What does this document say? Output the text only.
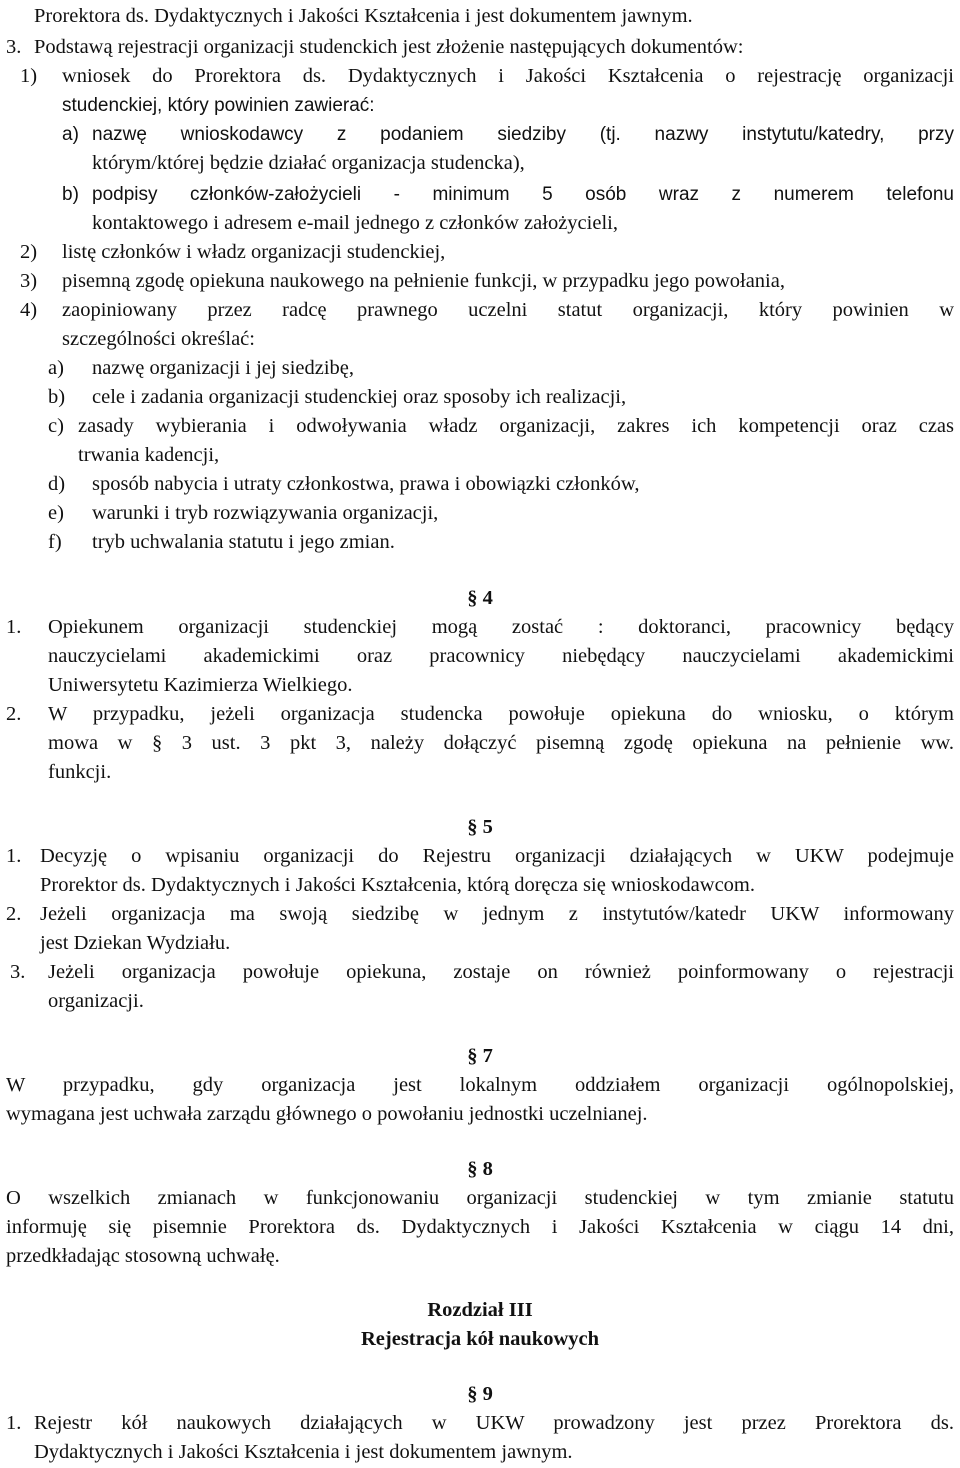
Prorektora ds. Dydaktycznych i Jakości Kształcenia i jest dokumentem jawnym.
3. Podstawą rejestracji organizacji studenckich jest złożenie następujących dokumentów:
1) wniosek do Prorektora ds. Dydaktycznych i Jakości Kształcenia o rejestrację organizacji
studenckiej, który powinien zawierać:
a) nazwę wnioskodawcy z podaniem siedziby (tj. nazwy instytutu/katedry, przy
którym/której będzie działać organizacja studencka),
b) podpisy członków-założycieli - minimum 5 osób wraz z numerem telefonu
kontaktowego i adresem e-mail jednego z członków założycieli,
2) listę członków i władz organizacji studenckiej,
3) pisemną zgodę opiekuna naukowego na pełnienie funkcji, w przypadku jego powołania,
4) zaopiniowany przez radcę prawnego uczelni statut organizacji, który powinien w
szczególności określać:
a) nazwę organizacji i jej siedzibę,
b) cele i zadania organizacji studenckiej oraz sposoby ich realizacji,
c) zasady wybierania i odwoływania władz organizacji, zakres ich kompetencji oraz czas
trwania kadencji,
d) sposób nabycia i utraty członkostwa, prawa i obowiązki członków,
e) warunki i tryb rozwiązywania organizacji,
f) tryb uchwalania statutu i jego zmian.
§ 4
1. Opiekunem organizacji studenckiej mogą zostać : doktoranci, pracownicy będący
nauczycielami akademickimi oraz pracownicy niebędący nauczycielami akademickimi
Uniwersytetu Kazimierza Wielkiego.
2. W przypadku, jeżeli organizacja studencka powołuje opiekuna do wniosku, o którym
mowa w § 3 ust. 3 pkt 3, należy dołączyć pisemną zgodę opiekuna na pełnienie ww.
funkcji.
§ 5
1. Decyzję o wpisaniu organizacji do Rejestru organizacji działających w UKW podejmuje
Prorektor ds. Dydaktycznych i Jakości Kształcenia, którą doręcza się wnioskodawcom.
2. Jeżeli organizacja ma swoją siedzibę w jednym z instytutów/katedr UKW informowany
jest Dziekan Wydziału.
3. Jeżeli organizacja powołuje opiekuna, zostaje on również poinformowany o rejestracji
organizacji.
§ 7
W przypadku, gdy organizacja jest lokalnym oddziałem organizacji ogólnopolskiej,
wymagana jest uchwała zarządu głównego o powołaniu jednostki uczelnianej.
§ 8
O wszelkich zmianach w funkcjonowaniu organizacji studenckiej w tym zmianie statutu
informuję się pisemnie Prorektora ds. Dydaktycznych i Jakości Kształcenia w ciągu 14 dni,
przedkładając stosowną uchwałę.
Rozdział III
Rejestracja kół naukowych
§ 9
1. Rejestr kół naukowych działających w UKW prowadzony jest przez Prorektora ds.
Dydaktycznych i Jakości Kształcenia i jest dokumentem jawnym.
